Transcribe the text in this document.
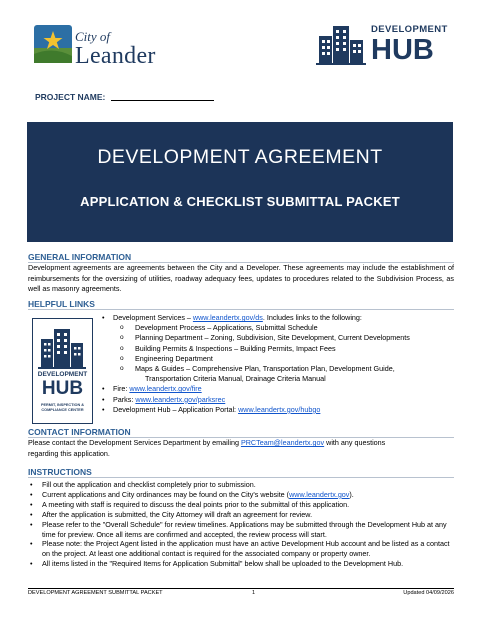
City of
Leander
DEVELOPMENT
HUB
PROJECT NAME:
DEVELOPMENT AGREEMENT
APPLICATION & CHECKLIST SUBMITTAL PACKET
GENERAL INFORMATION
Development agreements are agreements between the City and a Developer. These agreements may include the establishment of reimbursements for the oversizing of utilities, roadway adequacy fees, updates to procedures related to the Subdivision Process, as well as masonry agreements.
HELPFUL LINKS
DEVELOPMENT
HUB
PERMIT, INSPECTION &
COMPLIANCE CENTER
• Development Services – www.leandertx.gov/ds. Includes links to the following:
o Development Process – Applications, Submittal Schedule
o Planning Department – Zoning, Subdivision, Site Development, Current Developments
o Building Permits & Inspections – Building Permits, Impact Fees
o Engineering Department
o Maps & Guides – Comprehensive Plan, Transportation Plan, Development Guide,
Transportation Criteria Manual, Drainage Criteria Manual
• Fire: www.leandertx.gov/fire
• Parks: www.leandertx.gov/parksrec
• Development Hub – Application Portal: www.leandertx.gov/hubgo
CONTACT INFORMATION
Please contact the Development Services Department by emailing PRCTeam@leandertx.gov with any questions
regarding this application.
INSTRUCTIONS
• Fill out the application and checklist completely prior to submission.
• Current applications and City ordinances may be found on the City's website (www.leandertx.gov).
• A meeting with staff is required to discuss the deal points prior to the submittal of this application.
• After the application is submitted, the City Attorney will draft an agreement for review.
• Please refer to the "Overall Schedule" for review timelines. Applications may be submitted through the Development Hub at any time for preview. Once all items are confirmed and accepted, the review process will start.
• Please note: the Project Agent listed in the application must have an active Development Hub account and be listed as a contact on the project. At least one additional contact is required for the associated company or property owner.
• All items listed in the "Required Items for Application Submittal" below shall be uploaded to the Development Hub.
DEVELOPMENT AGREEMENT SUBMITTAL PACKET	1	Updated 04/09/2026
